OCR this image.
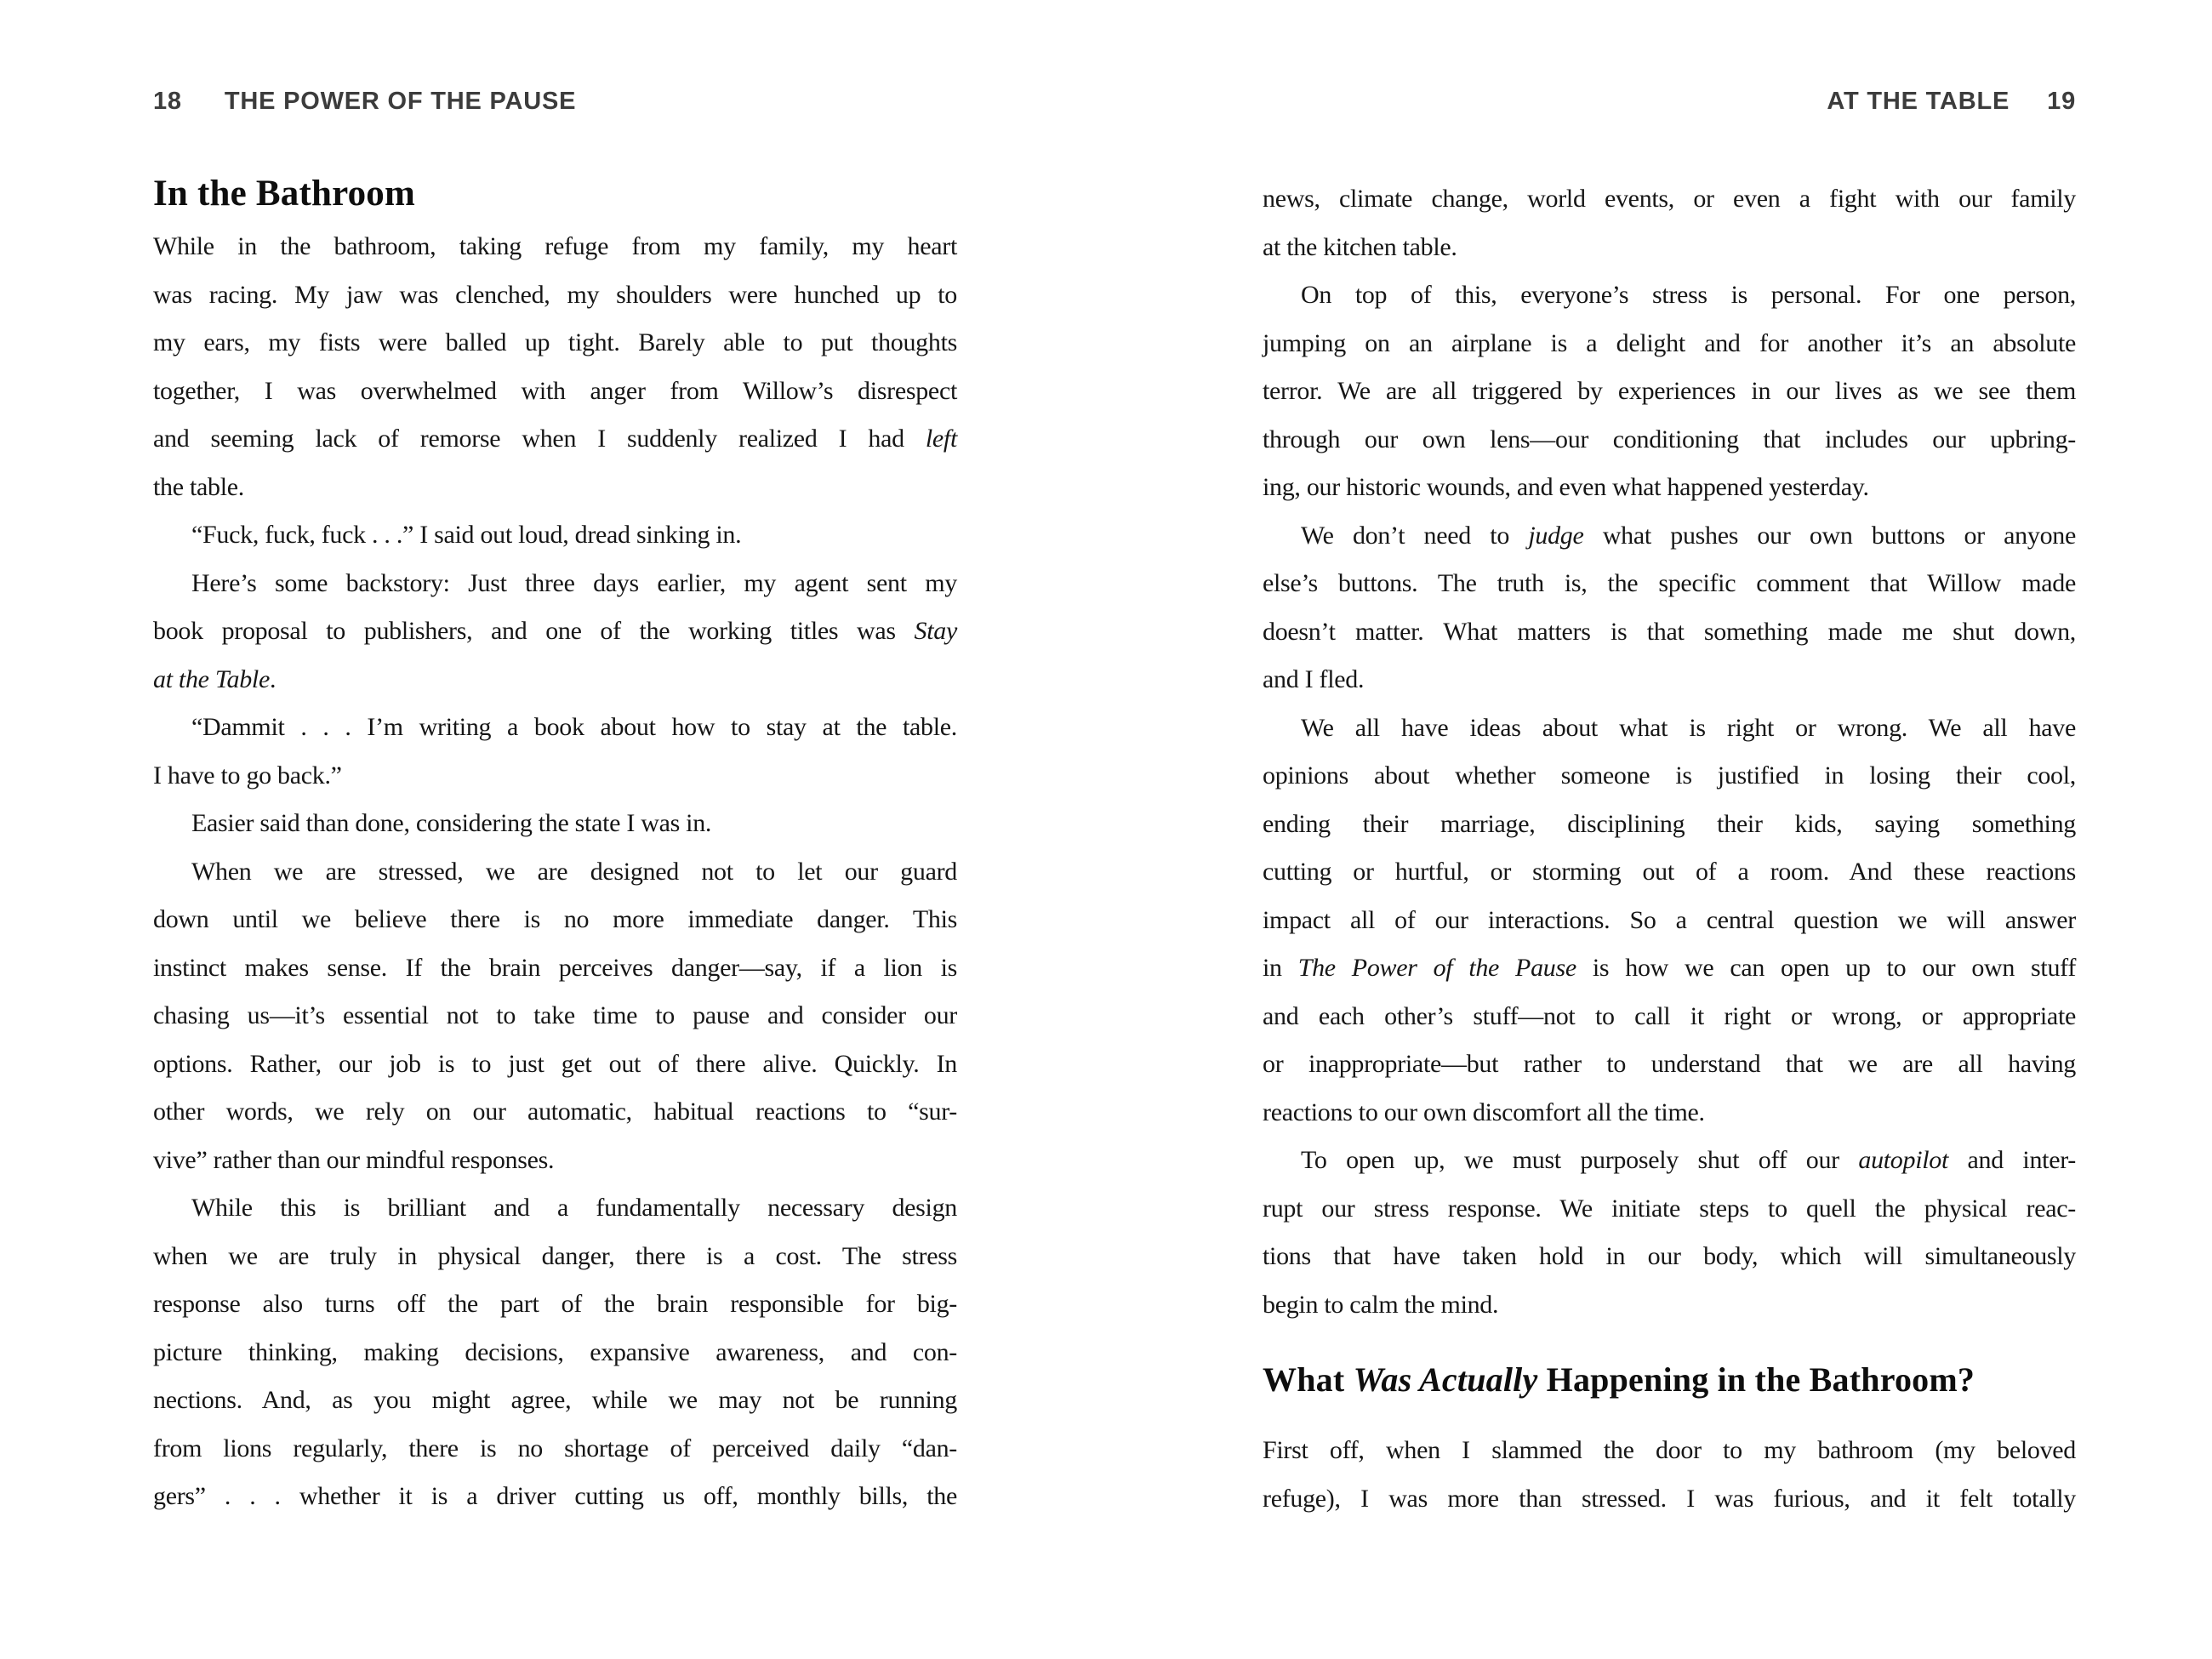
18 THE POWER OF THE PAUSE
In the Bathroom
While in the bathroom, taking refuge from my family, my heart
was racing. My jaw was clenched, my shoulders were hunched up to
my ears, my fists were balled up tight. Barely able to put thoughts
together, I was overwhelmed with anger from Willow’s disrespect
and seeming lack of remorse when I suddenly realized I had left
the table.
“Fuck, fuck, fuck . . .” I said out loud, dread sinking in.
Here’s some backstory: Just three days earlier, my agent sent my
book proposal to publishers, and one of the working titles was Stay
at the Table.
“Dammit . . . I’m writing a book about how to stay at the table.
I have to go back.”
Easier said than done, considering the state I was in.
When we are stressed, we are designed not to let our guard
down until we believe there is no more immediate danger. This
instinct makes sense. If the brain perceives danger—say, if a lion is
chasing us—it’s essential not to take time to pause and consider our
options. Rather, our job is to just get out of there alive. Quickly. In
other words, we rely on our automatic, habitual reactions to “sur-
vive” rather than our mindful responses.
While this is brilliant and a fundamentally necessary design
when we are truly in physical danger, there is a cost. The stress
response also turns off the part of the brain responsible for big-
picture thinking, making decisions, expansive awareness, and con-
nections. And, as you might agree, while we may not be running
from lions regularly, there is no shortage of perceived daily “dan-
gers” . . . whether it is a driver cutting us off, monthly bills, the
AT THE TABLE 19
news, climate change, world events, or even a fight with our family
at the kitchen table.
On top of this, everyone’s stress is personal. For one person,
jumping on an airplane is a delight and for another it’s an absolute
terror. We are all triggered by experiences in our lives as we see them
through our own lens—our conditioning that includes our upbring-
ing, our historic wounds, and even what happened yesterday.
We don’t need to judge what pushes our own buttons or anyone
else’s buttons. The truth is, the specific comment that Willow made
doesn’t matter. What matters is that something made me shut down,
and I fled.
We all have ideas about what is right or wrong. We all have
opinions about whether someone is justified in losing their cool,
ending their marriage, disciplining their kids, saying something
cutting or hurtful, or storming out of a room. And these reactions
impact all of our interactions. So a central question we will answer
in The Power of the Pause is how we can open up to our own stuff
and each other’s stuff—not to call it right or wrong, or appropriate
or inappropriate—but rather to understand that we are all having
reactions to our own discomfort all the time.
To open up, we must purposely shut off our autopilot and inter-
rupt our stress response. We initiate steps to quell the physical reac-
tions that have taken hold in our body, which will simultaneously
begin to calm the mind.
What Was Actually Happening in the Bathroom?
First off, when I slammed the door to my bathroom (my beloved
refuge), I was more than stressed. I was furious, and it felt totally
